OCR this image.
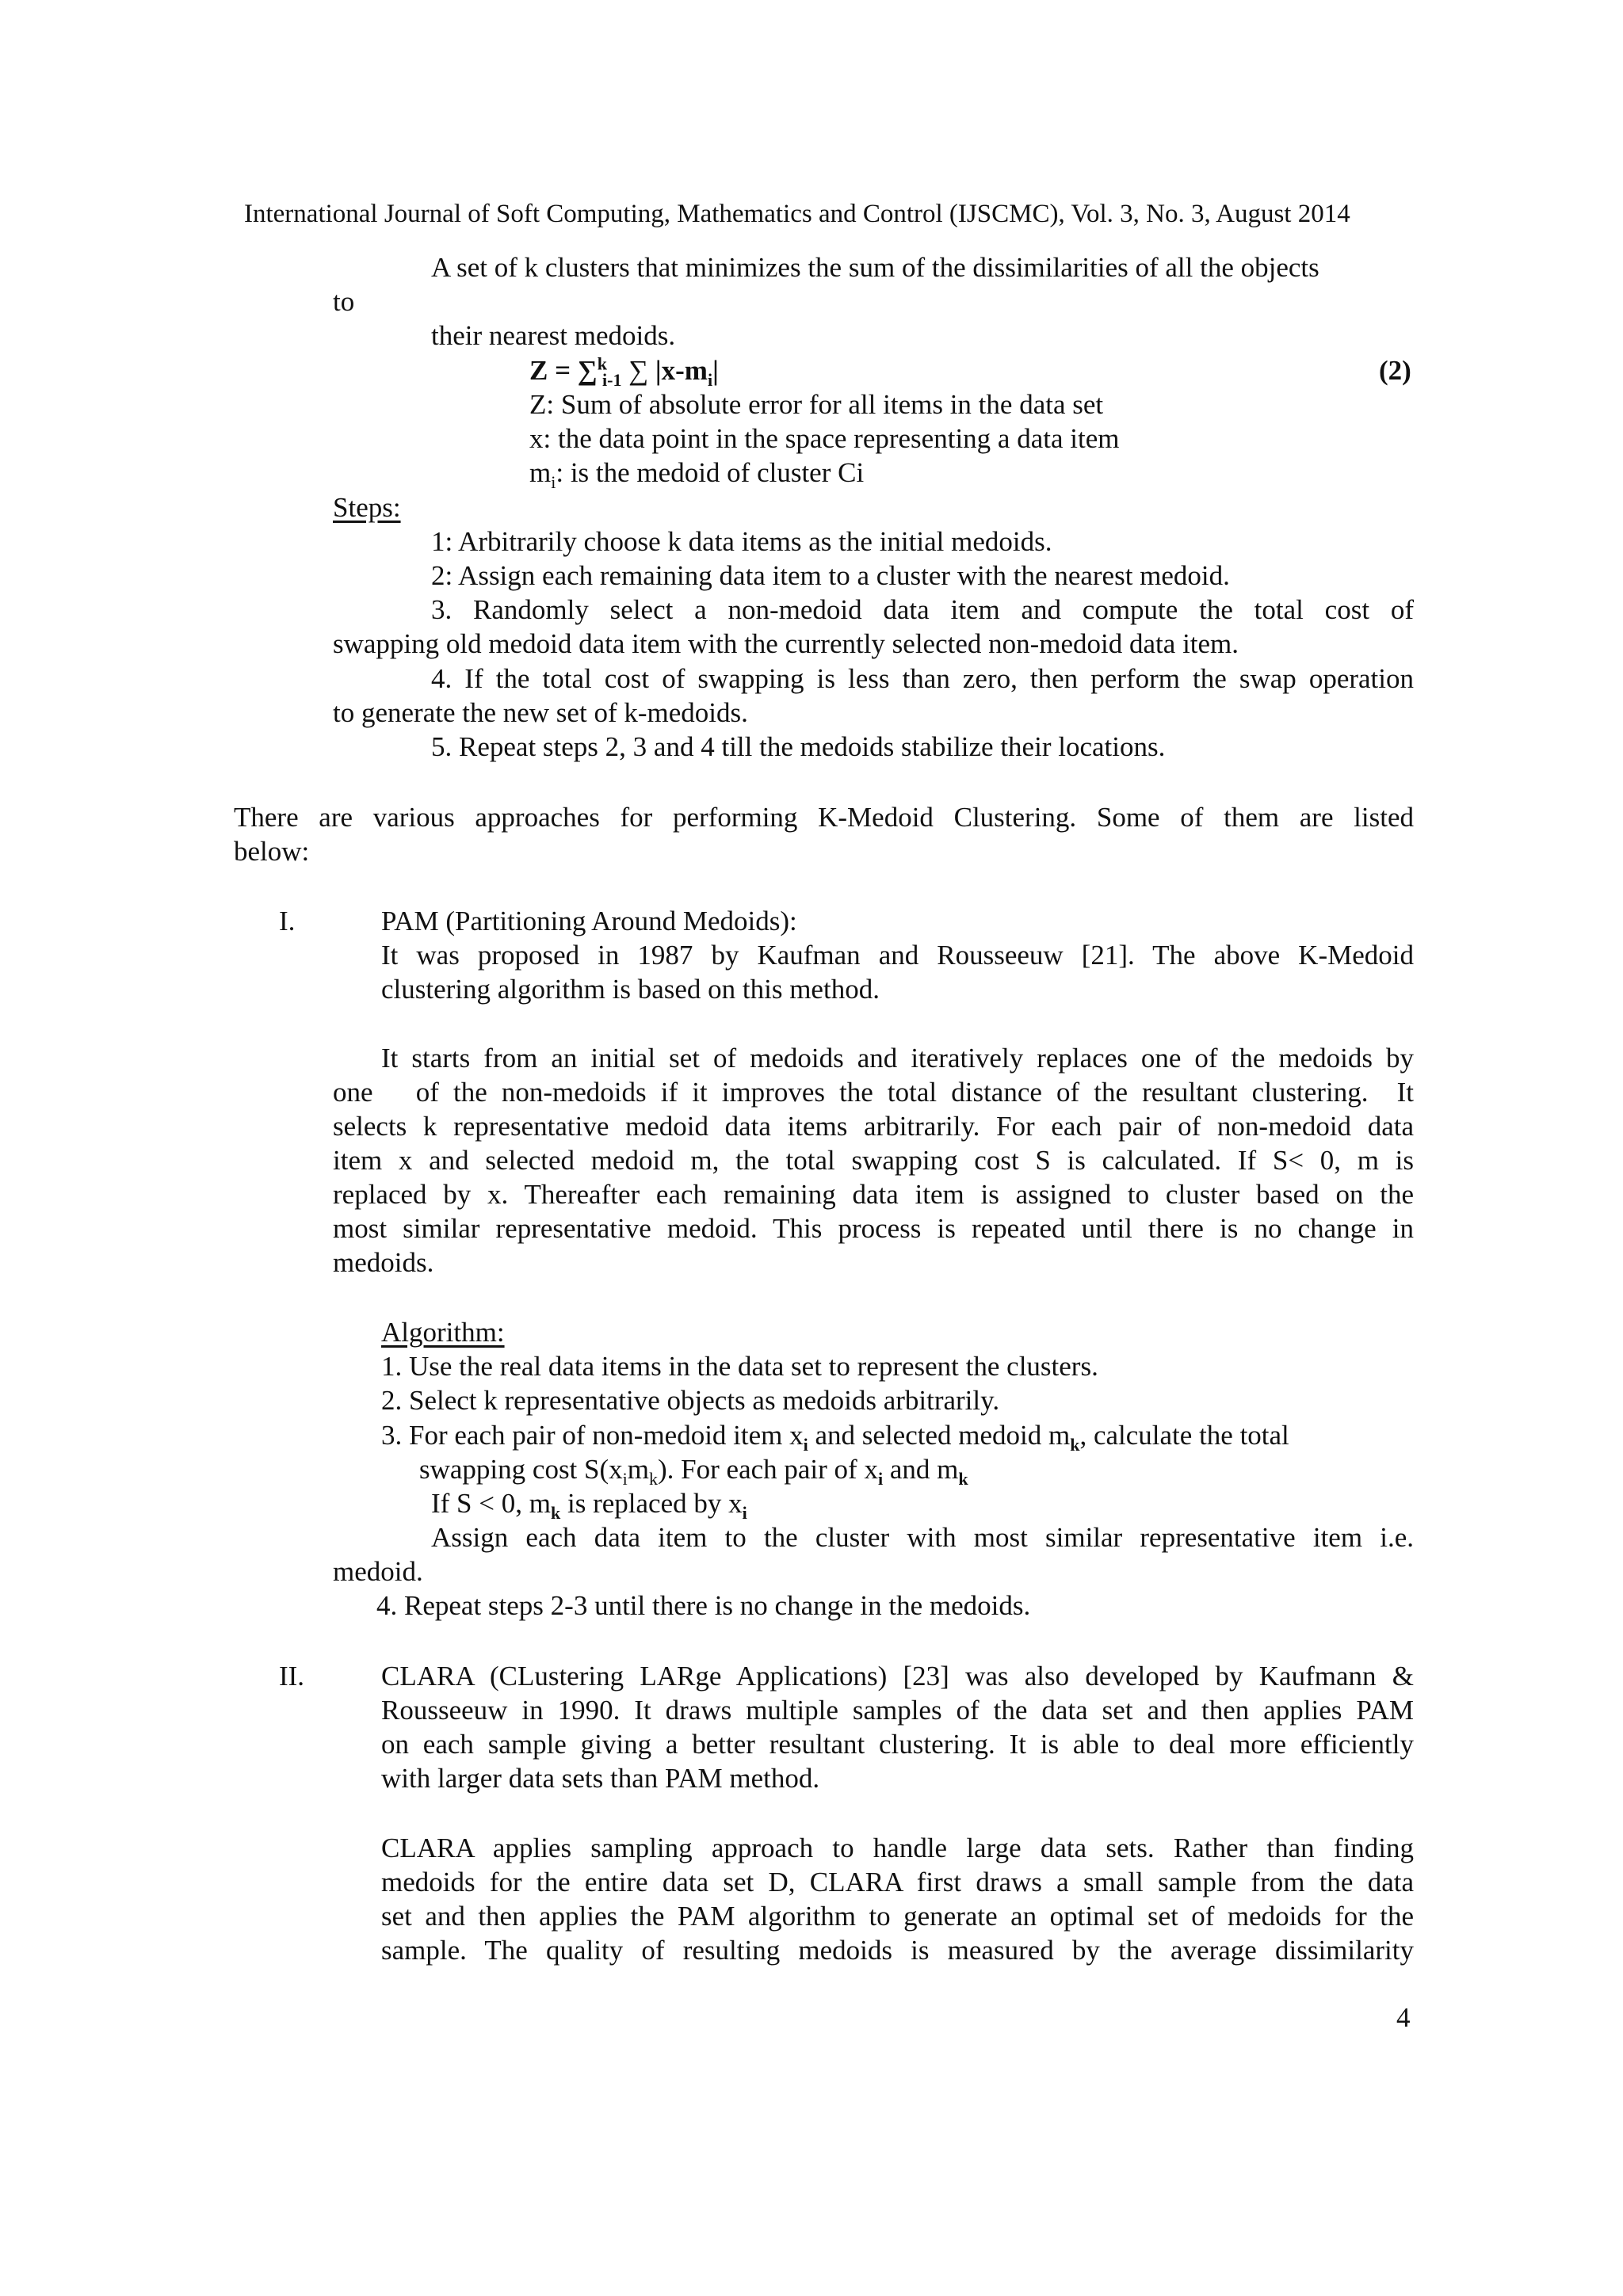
International Journal of Soft Computing, Mathematics and Control (IJSCMC), Vol. 3, No. 3, August 2014
A set of k clusters that minimizes the sum of the dissimilarities of all the objects
to
their nearest medoids.
Z = ∑$^k_{i-1}$ ∑ $|x-m_i|$	(2)
Z: Sum of absolute error for all items in the data set
x: the data point in the space representing a data item
$m_i$: is the medoid of cluster Ci
Steps:
1: Arbitrarily choose k data items as the initial medoids.
2: Assign each remaining data item to a cluster with the nearest medoid.
3. Randomly select a non-medoid data item and compute the total cost of
swapping old medoid data item with the currently selected non-medoid data item.
4. If the total cost of swapping is less than zero, then perform the swap operation
to generate the new set of k-medoids.
5. Repeat steps 2, 3 and 4 till the medoids stabilize their locations.
There are various approaches for performing K-Medoid Clustering. Some of them are listed
below:
I.	PAM (Partitioning Around Medoids):
It was proposed in 1987 by Kaufman and Rousseeuw [21]. The above K-Medoid
clustering algorithm is based on this method.
It starts from an initial set of medoids and iteratively replaces one of the medoids by
one   of the non-medoids if it improves the total distance of the resultant clustering.  It
selects k representative medoid data items arbitrarily. For each pair of non-medoid data
item x and selected medoid m, the total swapping cost S is calculated. If S< 0, m is
replaced by x. Thereafter each remaining data item is assigned to cluster based on the
most similar representative medoid. This process is repeated until there is no change in
medoids.
Algorithm:
1. Use the real data items in the data set to represent the clusters.
2. Select k representative objects as medoids arbitrarily.
3. For each pair of non-medoid item $x_i$ and selected medoid $m_k$, calculate the total
swapping cost $S(x_im_k)$. For each pair of $x_i$ and $m_k$
If S < 0, $m_k$ is replaced by $x_i$
Assign each data item to the cluster with most similar representative item i.e.
medoid.
4. Repeat steps 2-3 until there is no change in the medoids.
II.	CLARA (CLustering LARge Applications) [23] was also developed by Kaufmann &
Rousseeuw in 1990. It draws multiple samples of the data set and then applies PAM
on each sample giving a better resultant clustering. It is able to deal more efficiently
with larger data sets than PAM method.
CLARA applies sampling approach to handle large data sets. Rather than finding
medoids for the entire data set D, CLARA first draws a small sample from the data
set and then applies the PAM algorithm to generate an optimal set of medoids for the
sample. The quality of resulting medoids is measured by the average dissimilarity
4
